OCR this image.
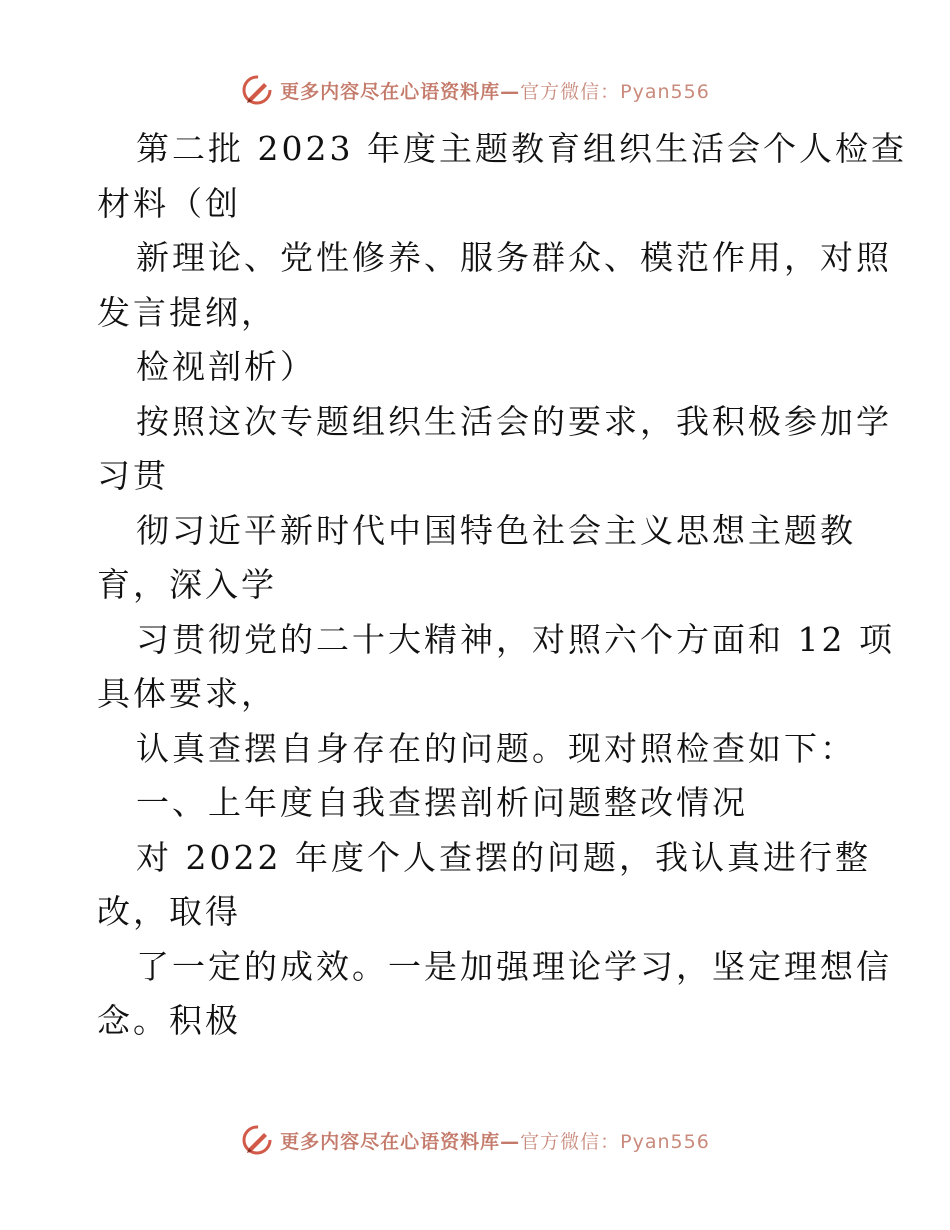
更多内容尽在心语资料库—官方微信：Pyan556
第二批 2023 年度主题教育组织生活会个人检查
材料（创
新理论、党性修养、服务群众、模范作用，对照
发言提纲，
检视剖析）
按照这次专题组织生活会的要求，我积极参加学
习贯
彻习近平新时代中国特色社会主义思想主题教
育，深入学
习贯彻党的二十大精神，对照六个方面和 12 项
具体要求，
认真查摆自身存在的问题。现对照检查如下：
一、上年度自我查摆剖析问题整改情况
对 2022 年度个人查摆的问题，我认真进行整
改，取得
了一定的成效。一是加强理论学习，坚定理想信
念。积极
更多内容尽在心语资料库—官方微信：Pyan556
